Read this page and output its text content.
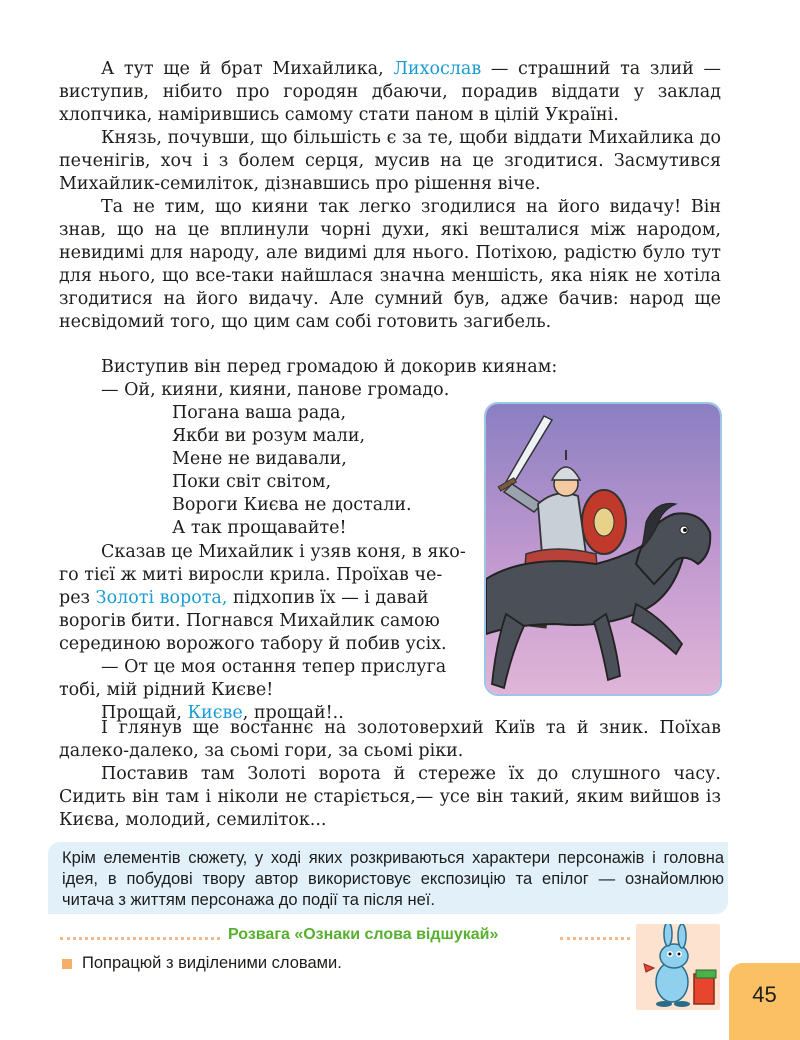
А тут ще й брат Михайлика, Лихослав — страшний та злий — виступив, нібито про городян дбаючи, порадив віддати у заклад хлопчика, намірившись самому стати паном в цілій Україні.

Князь, почувши, що більшість є за те, щоби віддати Михайлика до печенігів, хоч і з болем серця, мусив на це згодитися. Засмутився Михайлик-семиліток, дізнавшись про рішення віче.

Та не тим, що кияни так легко згодилися на його видачу! Він знав, що на це вплинули чорні духи, які вешталися між народом, невидимі для народу, але видимі для нього. Потіхою, радістю було тут для нього, що все-таки найшлася значна меншість, яка ніяк не хотіла згодитися на його видачу. Але сумний був, адже бачив: народ ще несвідомий того, що цим сам собі готовить загибель.

Виступив він перед громадою й докорив киянам:

— Ой, кияни, кияни, панове громадо.

Погана ваша рада,

Якби ви розум мали,

Мене не видавали,

Поки світ світом,

Вороги Києва не достали.

А так прощавайте!

Сказав це Михайлик і узяв коня, в яко-

го тієї ж миті виросли крила. Проїхав че-

рез Золоті ворота, підхопив їх — і давай

ворогів бити. Погнався Михайлик самою

серединою ворожого табору й побив усіх.

— От це моя остання тепер прислуга

тобі, мій рідний Києве!

Прощай, Києве, прощай!..

І глянув ще востаннє на золотоверхий Київ та й зник. Поїхав далеко-далеко, за сьомі гори, за сьомі ріки.

Поставив там Золоті ворота й стереже їх до слушного часу. Сидить він там і ніколи не старіється,— усе він такий, яким вийшов із Києва, молодий, семиліток...

Крім елементів сюжету, у ході яких розкриваються характери персонажів і головна ідея, в побудові твору автор використовує експозицію та епілог — ознайомлюю читача з життям персонажа до події та після неї.

Розвага «Ознаки слова відшукай»

Попрацюй з виділеними словами.

45
